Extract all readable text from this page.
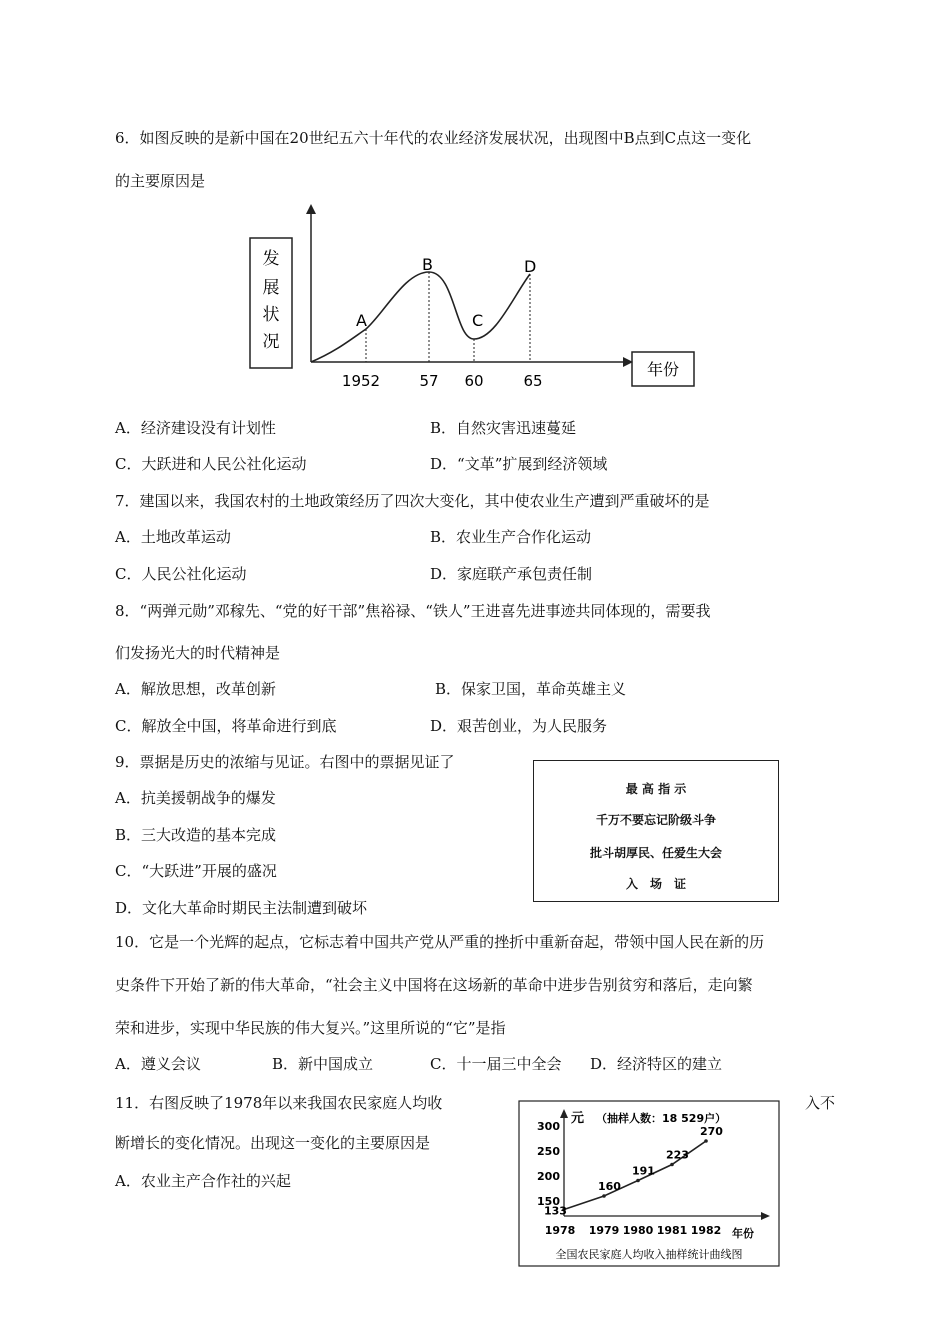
6．如图反映的是新中国在20世纪五六十年代的农业经济发展状况，出现图中B点到C点这一变化
的主要原因是
发
展
状
况
年份
A
B
C
D
1952	57 60	65
A．经济建设没有计划性	B．自然灾害迅速蔓延
C．大跃进和人民公社化运动	D．“文革”扩展到经济领域
7．建国以来，我国农村的土地政策经历了四次大变化，其中使农业生产遭到严重破坏的是
A．土地改革运动	B．农业生产合作化运动
C．人民公社化运动	D．家庭联产承包责任制
8．“两弹元勋”邓稼先、“党的好干部”焦裕禄、“铁人”王进喜先进事迹共同体现的，需要我
们发扬光大的时代精神是
A．解放思想，改革创新	B．保家卫国，革命英雄主义
C．解放全中国，将革命进行到底	D．艰苦创业，为人民服务
9．票据是历史的浓缩与见证。右图中的票据见证了
最 高 指 示
千万不要忘记阶级斗争
批斗胡厚民、任爱生大会
入　场　证
A．抗美援朝战争的爆发
B．三大改造的基本完成
C．“大跃进”开展的盛况
D．文化大革命时期民主法制遭到破坏
10．它是一个光辉的起点，它标志着中国共产党从严重的挫折中重新奋起，带领中国人民在新的历
史条件下开始了新的伟大革命，“社会主义中国将在这场新的革命中进步告别贫穷和落后，走向繁
荣和进步，实现中华民族的伟大复兴。”这里所说的“它”是指
A．遵义会议	B．新中国成立	C．十一届三中全会 D．经济特区的建立
11．右图反映了1978年以来我国农民家庭人均收	入不
断增长的变化情况。出现这一变化的主要原因是
A．农业主产合作社的兴起
元 （抽样人数：18 529户）
年份
全国农民家庭人均收入抽样统计曲线图
150
200
250
300
1978 1979 1980 1981 1982
133
160
191
223
270
